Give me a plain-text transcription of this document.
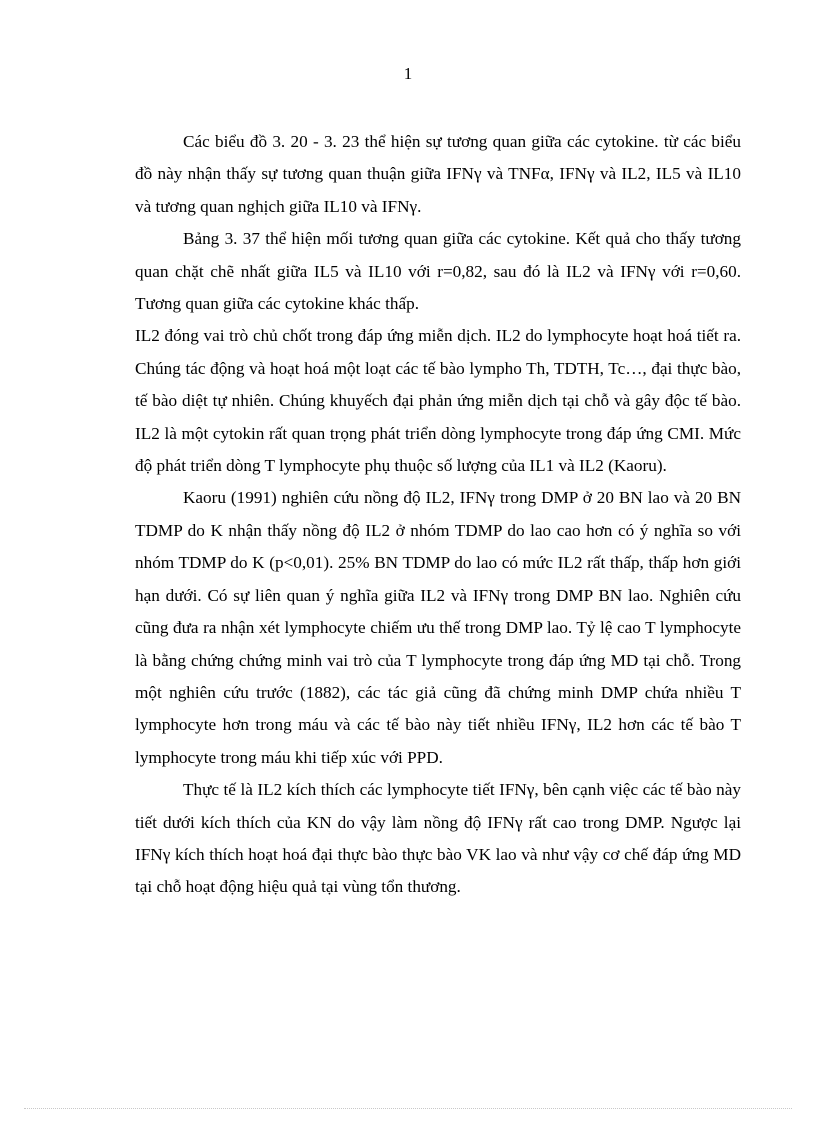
1

Các biểu đồ 3. 20 - 3. 23 thể hiện sự tương quan giữa các cytokine. từ các biểu đồ này nhận thấy sự tương quan thuận giữa IFNγ và TNFα, IFNγ và IL2, IL5 và IL10 và tương quan nghịch giữa IL10 và IFNγ.

Bảng 3. 37 thể hiện mối tương quan giữa các cytokine. Kết quả cho thấy tương quan chặt chẽ nhất giữa IL5 và IL10 với r=0,82, sau đó là IL2 và IFNγ với r=0,60. Tương quan giữa các cytokine khác thấp.

IL2 đóng vai trò chủ chốt trong đáp ứng miễn dịch. IL2 do lymphocyte hoạt hoá tiết ra. Chúng tác động và hoạt hoá một loạt các tế bào lympho Th, TDTH, Tc…, đại thực bào, tế bào diệt tự nhiên. Chúng khuyếch đại phản ứng miễn dịch tại chỗ và gây độc tế bào. IL2 là một cytokin rất quan trọng phát triển dòng lymphocyte trong đáp ứng CMI. Mức độ phát triển dòng T lymphocyte phụ thuộc số lượng của IL1 và IL2 (Kaoru).

Kaoru (1991) nghiên cứu nồng độ IL2, IFNγ trong DMP ở 20 BN lao và 20 BN TDMP do K nhận thấy nồng độ IL2 ở nhóm TDMP do lao cao hơn có ý nghĩa so với nhóm TDMP do K (p<0,01). 25% BN TDMP do lao có mức IL2 rất thấp, thấp hơn giới hạn dưới. Có sự liên quan ý nghĩa giữa IL2 và IFNγ trong DMP BN lao. Nghiên cứu cũng đưa ra nhận xét lymphocyte chiếm ưu thế trong DMP lao. Tỷ lệ cao T lymphocyte là bằng chứng chứng minh vai trò của T lymphocyte trong đáp ứng MD tại chỗ. Trong một nghiên cứu trước (1882), các tác giả cũng đã chứng minh DMP chứa nhiều T lymphocyte hơn trong máu và các tế bào này tiết nhiều IFNγ, IL2 hơn các tế bào T lymphocyte trong máu khi tiếp xúc với PPD.

Thực tế là IL2 kích thích các lymphocyte tiết IFNγ, bên cạnh việc các tế bào này tiết dưới kích thích của KN do vậy làm nồng độ IFNγ rất cao trong DMP. Ngược lại IFNγ kích thích hoạt hoá đại thực bào thực bào VK lao và như vậy cơ chế đáp ứng MD tại chỗ hoạt động hiệu quả tại vùng tổn thương.
